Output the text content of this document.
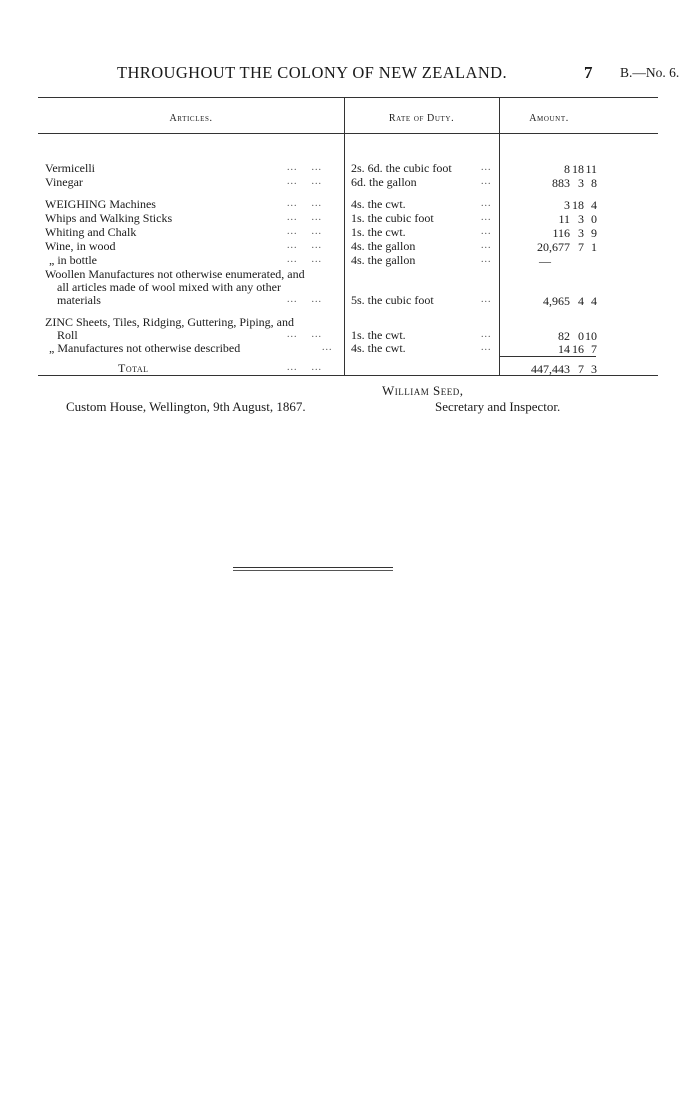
THROUGHOUT THE COLONY OF NEW ZEALAND.	7 B.—No. 6.
Articles.	Rate of Duty.	Amount.
Vermicelli	...    ... 2s. 6d. the cubic foot	...	8 18 11
Vinegar	...    ... 6d. the gallon	...	883 3 8
WEIGHING Machines	...    ... 4s. the cwt.	...	3 18 4
Whips and Walking Sticks	...    ... 1s. the cubic foot	...	11 3 0
Whiting and Chalk	...    ... 1s. the cwt.	...	116 3 9
Wine, in wood	...    ... 4s. the gallon	...	20,677 7 1
„ in bottle	...    ... 4s. the gallon	...	—
Woollen Manufactures not otherwise enumerated, and
all articles made of wool mixed with any other
materials	...    ... 5s. the cubic foot	...	4,965 4 4
ZINC Sheets, Tiles, Ridging, Guttering, Piping, and
Roll	...    ... 1s. the cwt.	...	82 0 10
„ Manufactures not otherwise described	... 4s. the cwt.	...	14 16 7
Total	...    ...	447,443 7 3
Custom House, Wellington, 9th August, 1867.
William Seed,
Secretary and Inspector.
